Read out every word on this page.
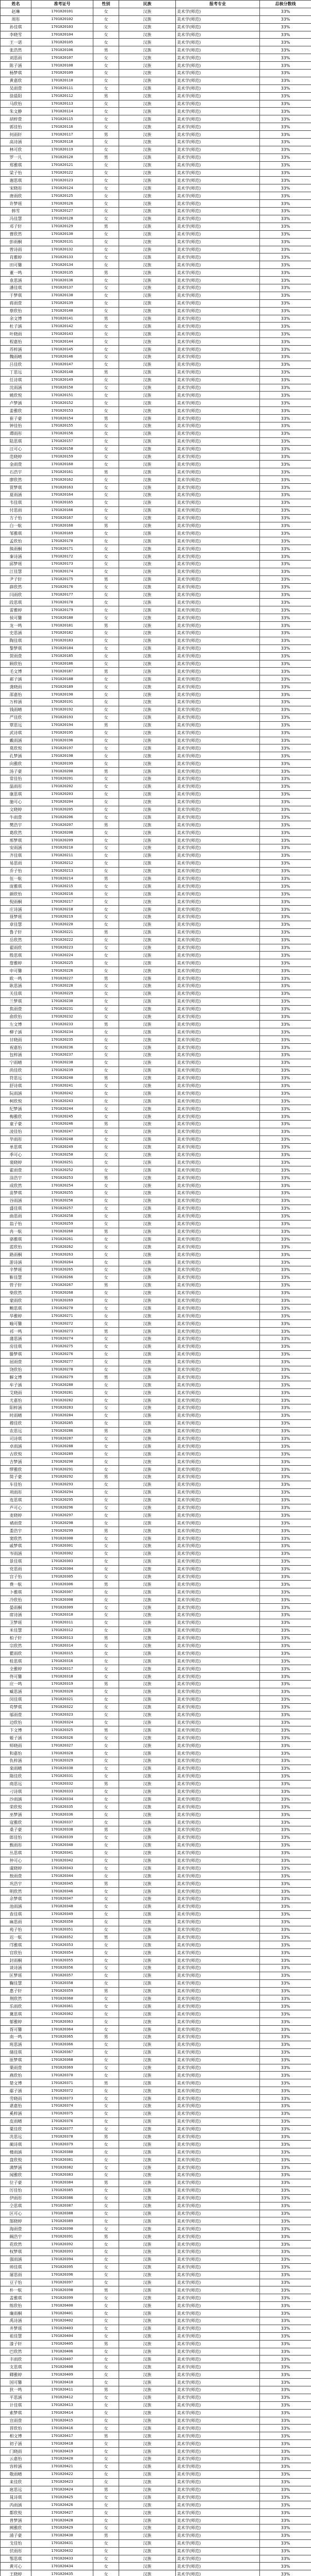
姓名	准考证号	性别	民族	报考专业	总核分数线
赵琳	1701020101	女	汉族	美术学(师范)	33%
周彤	1701020102	女	汉族	美术学(师范)	33%
孙佳琪	1701020103	女	汉族	美术学(师范)	33%
李晓雪	1701020104	女	汉族	美术学(师范)	33%
王一诺	1701020105	女	汉族	美术学(师范)	33%
张浩然	1701020106	男	汉族	美术学(师范)	33%
刘思雨	1701020107	女	汉族	美术学(师范)	33%
陈子涵	1701020108	女	汉族	美术学(师范)	33%
杨梦琪	1701020109	女	汉族	美术学(师范)	33%
黄嘉欣	1701020110	女	汉族	美术学(师范)	33%
吴雨萱	1701020111	女	汉族	美术学(师范)	33%
徐晨阳	1701020112	男	汉族	美术学(师范)	33%
马欣怡	1701020113	女	汉族	美术学(师范)	33%
朱文静	1701020114	女	汉族	美术学(师范)	33%
胡梓萱	1701020115	女	汉族	美术学(师范)	33%
郭佳怡	1701020116	女	汉族	美术学(师范)	33%
何雨轩	1701020117	男	汉族	美术学(师范)	33%
高诗涵	1701020118	女	汉族	美术学(师范)	33%
林可欣	1701020119	女	汉族	美术学(师范)	33%
罗一凡	1701020120	男	汉族	美术学(师范)	33%
郑雅琪	1701020121	女	汉族	美术学(师范)	33%
梁子怡	1701020122	女	汉族	美术学(师范)	33%
谢思琪	1701020123	女	汉族	美术学(师范)	33%
宋晓彤	1701020124	女	汉族	美术学(师范)	33%
唐雨欣	1701020125	女	汉族	美术学(师范)	33%
许梦瑶	1701020126	女	汉族	美术学(师范)	33%
韩雪	1701020127	女	汉族	美术学(师范)	33%
冯佳慧	1701020128	女	汉族	美术学(师范)	33%
邓子轩	1701020129	男	汉族	美术学(师范)	33%
曹欣然	1701020130	女	汉族	美术学(师范)	33%
彭雨桐	1701020131	女	汉族	美术学(师范)	33%
曾诗雨	1701020132	女	汉族	美术学(师范)	33%
肖雅婷	1701020133	女	汉族	美术学(师范)	33%
田可馨	1701020134	女	汉族	美术学(师范)	33%
董一鸣	1701020135	男	汉族	美术学(师范)	33%
袁思涵	1701020136	女	汉族	美术学(师范)	33%
潘佳琪	1701020137	女	汉族	美术学(师范)	33%
于梦琪	1701020138	女	汉族	美术学(师范)	33%
蒋雨萱	1701020139	女	汉族	美术学(师范)	33%
蔡欣怡	1701020140	女	汉族	美术学(师范)	33%
余文博	1701020141	男	汉族	美术学(师范)	33%
杜子涵	1701020142	女	汉族	美术学(师范)	33%
叶晓雨	1701020143	女	汉族	美术学(师范)	33%
程嘉怡	1701020144	女	汉族	美术学(师范)	33%
苏梓涵	1701020145	女	汉族	美术学(师范)	33%
魏雨晴	1701020146	女	汉族	美术学(师范)	33%
吕佳欣	1701020147	女	汉族	美术学(师范)	33%
丁思远	1701020148	男	汉族	美术学(师范)	33%
任诗琪	1701020149	女	汉族	美术学(师范)	33%
沈雨涵	1701020150	女	汉族	美术学(师范)	33%
姚欣悦	1701020151	女	汉族	美术学(师范)	33%
卢梦涵	1701020152	女	汉族	美术学(师范)	33%
姜雅欣	1701020153	女	汉族	美术学(师范)	33%
崔子豪	1701020154	男	汉族	美术学(师范)	33%
钟佳怡	1701020155	女	汉族	美术学(师范)	33%
谭雨彤	1701020156	女	汉族	美术学(师范)	33%
陆思琪	1701020157	女	汉族	美术学(师范)	33%
汪可心	1701020158	女	汉族	美术学(师范)	33%
范晓婷	1701020159	女	汉族	美术学(师范)	33%
金雨萱	1701020160	女	汉族	美术学(师范)	33%
石浩宇	1701020161	男	汉族	美术学(师范)	33%
廖欣然	1701020162	女	汉族	美术学(师范)	33%
贾梦琪	1701020163	女	汉族	美术学(师范)	33%
夏雨涵	1701020164	女	汉族	美术学(师范)	33%
韦佳琪	1701020165	女	汉族	美术学(师范)	33%
付思雨	1701020166	女	汉族	美术学(师范)	33%
方子怡	1701020167	女	汉族	美术学(师范)	33%
白一航	1701020168	男	汉族	美术学(师范)	33%
邹雅琪	1701020169	女	汉族	美术学(师范)	33%
孟欣怡	1701020170	女	汉族	美术学(师范)	33%
熊雨桐	1701020171	女	汉族	美术学(师范)	33%
秦诗涵	1701020172	女	汉族	美术学(师范)	33%
邱梦瑶	1701020173	女	汉族	美术学(师范)	33%
江佳慧	1701020174	女	汉族	美术学(师范)	33%
尹子轩	1701020175	男	汉族	美术学(师范)	33%
薛欣然	1701020176	女	汉族	美术学(师范)	33%
闫雨欣	1701020177	女	汉族	美术学(师范)	33%
段思琪	1701020178	女	汉族	美术学(师范)	33%
雷雅婷	1701020179	女	汉族	美术学(师范)	33%
侯可馨	1701020180	女	汉族	美术学(师范)	33%
龙一鸣	1701020181	男	汉族	美术学(师范)	33%
史思涵	1701020182	女	汉族	美术学(师范)	33%
陶佳琪	1701020183	女	汉族	美术学(师范)	33%
黎梦琪	1701020184	女	汉族	美术学(师范)	33%
贺雨萱	1701020185	女	汉族	美术学(师范)	33%
顾欣怡	1701020186	女	汉族	美术学(师范)	33%
毛文博	1701020187	男	汉族	美术学(师范)	33%
郝子涵	1701020188	女	汉族	美术学(师范)	33%
龚晓雨	1701020189	女	汉族	美术学(师范)	33%
邵嘉怡	1701020190	女	汉族	美术学(师范)	33%
万梓涵	1701020191	女	汉族	美术学(师范)	33%
钱雨晴	1701020192	女	汉族	美术学(师范)	33%
严佳欣	1701020193	女	汉族	美术学(师范)	33%
覃思远	1701020194	男	汉族	美术学(师范)	33%
武诗琪	1701020195	女	汉族	美术学(师范)	33%
戴雨涵	1701020196	女	汉族	美术学(师范)	33%
莫欣悦	1701020197	女	汉族	美术学(师范)	33%
孔梦涵	1701020198	女	汉族	美术学(师范)	33%
向雅欣	1701020199	女	汉族	美术学(师范)	33%
汤子豪	1701020200	男	汉族	美术学(师范)	33%
常佳怡	1701020201	女	汉族	美术学(师范)	33%
温雨彤	1701020202	女	汉族	美术学(师范)	33%
康思琪	1701020203	女	汉族	美术学(师范)	33%
施可心	1701020204	女	汉族	美术学(师范)	33%
文晓婷	1701020205	女	汉族	美术学(师范)	33%
牛雨萱	1701020206	女	汉族	美术学(师范)	33%
樊浩宇	1701020207	男	汉族	美术学(师范)	33%
葛欣然	1701020208	女	汉族	美术学(师范)	33%
邢梦琪	1701020209	女	汉族	美术学(师范)	33%
安雨涵	1701020210	女	汉族	美术学(师范)	33%
齐佳琪	1701020211	女	汉族	美术学(师范)	33%
易思雨	1701020212	女	汉族	美术学(师范)	33%
乔子怡	1701020213	女	汉族	美术学(师范)	33%
伍一航	1701020214	男	汉族	美术学(师范)	33%
庞雅琪	1701020215	女	汉族	美术学(师范)	33%
颜欣怡	1701020216	女	汉族	美术学(师范)	33%
倪雨桐	1701020217	女	汉族	美术学(师范)	33%
庄诗涵	1701020218	女	汉族	美术学(师范)	33%
聂梦瑶	1701020219	女	汉族	美术学(师范)	33%
章佳慧	1701020220	女	汉族	美术学(师范)	33%
鲁子轩	1701020221	男	汉族	美术学(师范)	33%
岳欣然	1701020222	女	汉族	美术学(师范)	33%
翟雨欣	1701020223	女	汉族	美术学(师范)	33%
殷思琪	1701020224	女	汉族	美术学(师范)	33%
詹雅婷	1701020225	女	汉族	美术学(师范)	33%
申可馨	1701020226	女	汉族	美术学(师范)	33%
欧一鸣	1701020227	男	汉族	美术学(师范)	33%
耿思涵	1701020228	女	汉族	美术学(师范)	33%
关佳琪	1701020229	女	汉族	美术学(师范)	33%
兰梦琪	1701020230	女	汉族	美术学(师范)	33%
焦雨萱	1701020231	女	汉族	美术学(师范)	33%
俞欣怡	1701020232	女	汉族	美术学(师范)	33%
左文博	1701020233	男	汉族	美术学(师范)	33%
柳子涵	1701020234	女	汉族	美术学(师范)	33%
甘晓雨	1701020235	女	汉族	美术学(师范)	33%
祝嘉怡	1701020236	女	汉族	美术学(师范)	33%
包梓涵	1701020237	女	汉族	美术学(师范)	33%
宁雨晴	1701020238	女	汉族	美术学(师范)	33%
尚佳欣	1701020239	女	汉族	美术学(师范)	33%
符思远	1701020240	男	汉族	美术学(师范)	33%
舒诗琪	1701020241	女	汉族	美术学(师范)	33%
阮雨涵	1701020242	女	汉族	美术学(师范)	33%
柯欣悦	1701020243	女	汉族	美术学(师范)	33%
纪梦涵	1701020244	女	汉族	美术学(师范)	33%
梅雅欣	1701020245	女	汉族	美术学(师范)	33%
童子豪	1701020246	男	汉族	美术学(师范)	33%
凌佳怡	1701020247	女	汉族	美术学(师范)	33%
毕雨彤	1701020248	女	汉族	美术学(师范)	33%
单思琪	1701020249	女	汉族	美术学(师范)	33%
季可心	1701020250	女	汉族	美术学(师范)	33%
裴晓婷	1701020251	女	汉族	美术学(师范)	33%
霍雨萱	1701020252	女	汉族	美术学(师范)	33%
涂浩宇	1701020253	男	汉族	美术学(师范)	33%
成欣然	1701020254	女	汉族	美术学(师范)	33%
苗梦琪	1701020255	女	汉族	美术学(师范)	33%
谷雨涵	1701020256	女	汉族	美术学(师范)	33%
盛佳琪	1701020257	女	汉族	美术学(师范)	33%
曲思雨	1701020258	女	汉族	美术学(师范)	33%
翁子怡	1701020259	女	汉族	美术学(师范)	33%
冉一航	1701020260	男	汉族	美术学(师范)	33%
骆雅琪	1701020261	女	汉族	美术学(师范)	33%
蓝欣怡	1701020262	女	汉族	美术学(师范)	33%
路雨桐	1701020263	女	汉族	美术学(师范)	33%
游诗涵	1701020264	女	汉族	美术学(师范)	33%
辛梦瑶	1701020265	女	汉族	美术学(师范)	33%
靳佳慧	1701020266	女	汉族	美术学(师范)	33%
管子轩	1701020267	男	汉族	美术学(师范)	33%
柴欣然	1701020268	女	汉族	美术学(师范)	33%
蒙雨欣	1701020269	女	汉族	美术学(师范)	33%
鲍思琪	1701020270	女	汉族	美术学(师范)	33%
华雅婷	1701020271	女	汉族	美术学(师范)	33%
喻可馨	1701020272	女	汉族	美术学(师范)	33%
祁一鸣	1701020273	男	汉族	美术学(师范)	33%
蒲思涵	1701020274	女	汉族	美术学(师范)	33%
房佳琪	1701020275	女	汉族	美术学(师范)	33%
滕梦琪	1701020276	女	汉族	美术学(师范)	33%
屈雨萱	1701020277	女	汉族	美术学(师范)	33%
饶欣怡	1701020278	女	汉族	美术学(师范)	33%
解文博	1701020279	男	汉族	美术学(师范)	33%
牟子涵	1701020280	女	汉族	美术学(师范)	33%
艾晓雨	1701020281	女	汉族	美术学(师范)	33%
尤嘉怡	1701020282	女	汉族	美术学(师范)	33%
阳梓涵	1701020283	女	汉族	美术学(师范)	33%
时雨晴	1701020284	女	汉族	美术学(师范)	33%
穆佳欣	1701020285	女	汉族	美术学(师范)	33%
农思远	1701020286	男	汉族	美术学(师范)	33%
司诗琪	1701020287	女	汉族	美术学(师范)	33%
卓雨涵	1701020288	女	汉族	美术学(师范)	33%
古欣悦	1701020289	女	汉族	美术学(师范)	33%
吉梦涵	1701020290	女	汉族	美术学(师范)	33%
缪雅欣	1701020291	女	汉族	美术学(师范)	33%
简子豪	1701020292	男	汉族	美术学(师范)	33%
车佳怡	1701020293	女	汉族	美术学(师范)	33%
项雨彤	1701020294	女	汉族	美术学(师范)	33%
连思琪	1701020295	女	汉族	美术学(师范)	33%
芦可心	1701020296	女	汉族	美术学(师范)	33%
麦晓婷	1701020297	女	汉族	美术学(师范)	33%
褚雨萱	1701020298	女	汉族	美术学(师范)	33%
娄浩宇	1701020299	男	汉族	美术学(师范)	33%
窦欣然	1701020300	女	汉族	美术学(师范)	33%
戚梦琪	1701020301	女	汉族	美术学(师范)	33%
岑雨涵	1701020302	女	汉族	美术学(师范)	33%
景佳琪	1701020303	女	汉族	美术学(师范)	33%
党思雨	1701020304	女	汉族	美术学(师范)	33%
宫子怡	1701020305	女	汉族	美术学(师范)	33%
费一航	1701020306	男	汉族	美术学(师范)	33%
卜雅琪	1701020307	女	汉族	美术学(师范)	33%
冷欣怡	1701020308	女	汉族	美术学(师范)	33%
晏雨桐	1701020309	女	汉族	美术学(师范)	33%
席诗涵	1701020310	女	汉族	美术学(师范)	33%
卫梦瑶	1701020311	女	汉族	美术学(师范)	33%
米佳慧	1701020312	女	汉族	美术学(师范)	33%
柏子轩	1701020313	男	汉族	美术学(师范)	33%
宗欣然	1701020314	女	汉族	美术学(师范)	33%
瞿雨欣	1701020315	女	汉族	美术学(师范)	33%
桂思琪	1701020316	女	汉族	美术学(师范)	33%
全雅婷	1701020317	女	汉族	美术学(师范)	33%
佟可馨	1701020318	女	汉族	美术学(师范)	33%
应一鸣	1701020319	男	汉族	美术学(师范)	33%
臧思涵	1701020320	女	汉族	美术学(师范)	33%
闵佳琪	1701020321	女	汉族	美术学(师范)	33%
苟梦琪	1701020322	女	汉族	美术学(师范)	33%
邬雨萱	1701020323	女	汉族	美术学(师范)	33%
边欣怡	1701020324	女	汉族	美术学(师范)	33%
卞文博	1701020325	男	汉族	美术学(师范)	33%
姬子涵	1701020326	女	汉族	美术学(师范)	33%
师晓雨	1701020327	女	汉族	美术学(师范)	33%
和嘉怡	1701020328	女	汉族	美术学(师范)	33%
仇梓涵	1701020329	女	汉族	美术学(师范)	33%
栾雨晴	1701020330	女	汉族	美术学(师范)	33%
隋佳欣	1701020331	女	汉族	美术学(师范)	33%
商思远	1701020332	男	汉族	美术学(师范)	33%
刁诗琪	1701020333	女	汉族	美术学(师范)	33%
沙雨涵	1701020334	女	汉族	美术学(师范)	33%
荣欣悦	1701020335	女	汉族	美术学(师范)	33%
巫梦涵	1701020336	女	汉族	美术学(师范)	33%
寇雅欣	1701020337	女	汉族	美术学(师范)	33%
桑子豪	1701020338	男	汉族	美术学(师范)	33%
郎佳怡	1701020339	女	汉族	美术学(师范)	33%
甄雨彤	1701020340	女	汉族	美术学(师范)	33%
丛思琪	1701020341	女	汉族	美术学(师范)	33%
仲可心	1701020342	女	汉族	美术学(师范)	33%
虞晓婷	1701020343	女	汉族	美术学(师范)	33%
敖雨萱	1701020344	女	汉族	美术学(师范)	33%
巩浩宇	1701020345	男	汉族	美术学(师范)	33%
明欣然	1701020346	女	汉族	美术学(师范)	33%
佘梦琪	1701020347	女	汉族	美术学(师范)	33%
池雨涵	1701020348	女	汉族	美术学(师范)	33%
查佳琪	1701020349	女	汉族	美术学(师范)	33%
麻思雨	1701020350	女	汉族	美术学(师范)	33%
苑子怡	1701020351	女	汉族	美术学(师范)	33%
迟一航	1701020352	男	汉族	美术学(师范)	33%
邝雅琪	1701020353	女	汉族	美术学(师范)	33%
官欣怡	1701020354	女	汉族	美术学(师范)	33%
封雨桐	1701020355	女	汉族	美术学(师范)	33%
谈诗涵	1701020356	女	汉族	美术学(师范)	33%
匡梦瑶	1701020357	女	汉族	美术学(师范)	33%
鞠佳慧	1701020358	女	汉族	美术学(师范)	33%
惠子轩	1701020359	男	汉族	美术学(师范)	33%
荆欣然	1701020360	女	汉族	美术学(师范)	33%
乐雨欣	1701020361	女	汉族	美术学(师范)	33%
冀思琪	1701020362	女	汉族	美术学(师范)	33%
郁雅婷	1701020363	女	汉族	美术学(师范)	33%
胥可馨	1701020364	女	汉族	美术学(师范)	33%
南一鸣	1701020365	男	汉族	美术学(师范)	33%
班思涵	1701020366	女	汉族	美术学(师范)	33%
储佳琪	1701020367	女	汉族	美术学(师范)	33%
原梦琪	1701020368	女	汉族	美术学(师范)	33%
栗雨萱	1701020369	女	汉族	美术学(师范)	33%
燕欣怡	1701020370	女	汉族	美术学(师范)	33%
楚文博	1701020371	男	汉族	美术学(师范)	33%
鄢子涵	1701020372	女	汉族	美术学(师范)	33%
劳晓雨	1701020373	女	汉族	美术学(师范)	33%
谌嘉怡	1701020374	女	汉族	美术学(师范)	33%
奚梓涵	1701020375	女	汉族	美术学(师范)	33%
皮雨晴	1701020376	女	汉族	美术学(师范)	33%
粟佳欣	1701020377	女	汉族	美术学(师范)	33%
冼思远	1701020378	男	汉族	美术学(师范)	33%
蔺诗琪	1701020379	女	汉族	美术学(师范)	33%
楼雨涵	1701020380	女	汉族	美术学(师范)	33%
盘欣悦	1701020381	女	汉族	美术学(师范)	33%
满梦涵	1701020382	女	汉族	美术学(师范)	33%
闻雅欣	1701020383	女	汉族	美术学(师范)	33%
位子豪	1701020384	男	汉族	美术学(师范)	33%
厉佳怡	1701020385	女	汉族	美术学(师范)	33%
伊雨彤	1701020386	女	汉族	美术学(师范)	33%
仝思琪	1701020387	女	汉族	美术学(师范)	33%
区可心	1701020388	女	汉族	美术学(师范)	33%
郜晓婷	1701020389	女	汉族	美术学(师范)	33%
海雨萱	1701020390	女	汉族	美术学(师范)	33%
阚浩宇	1701020391	男	汉族	美术学(师范)	33%
花欣然	1701020392	女	汉族	美术学(师范)	33%
权梦琪	1701020393	女	汉族	美术学(师范)	33%
强雨涵	1701020394	女	汉族	美术学(师范)	33%
帅佳琪	1701020395	女	汉族	美术学(师范)	33%
屠思雨	1701020396	女	汉族	美术学(师范)	33%
豆子怡	1701020397	女	汉族	美术学(师范)	33%
朴一航	1701020398	男	汉族	美术学(师范)	33%
盖雅琪	1701020399	女	汉族	美术学(师范)	33%
练欣怡	1701020400	女	汉族	美术学(师范)	33%
廉雨桐	1701020401	女	汉族	美术学(师范)	33%
禹诗涵	1701020402	女	汉族	美术学(师范)	33%
井梦瑶	1701020403	女	汉族	美术学(师范)	33%
祖佳慧	1701020404	女	汉族	美术学(师范)	33%
漆子轩	1701020405	男	汉族	美术学(师范)	33%
巴欣然	1701020406	女	汉族	美术学(师范)	33%
丰雨欣	1701020407	女	汉族	美术学(师范)	33%
支思琪	1701020408	女	汉族	美术学(师范)	33%
卿雅婷	1701020409	女	汉族	美术学(师范)	33%
国可馨	1701020410	女	汉族	美术学(师范)	33%
狄一鸣	1701020411	男	汉族	美术学(师范)	33%
平思涵	1701020412	女	汉族	美术学(师范)	33%
计佳琪	1701020413	女	汉族	美术学(师范)	33%
索梦琪	1701020414	女	汉族	美术学(师范)	33%
宣雨萱	1701020415	女	汉族	美术学(师范)	33%
晋欣怡	1701020416	女	汉族	美术学(师范)	33%
相文博	1701020417	男	汉族	美术学(师范)	33%
初子涵	1701020418	女	汉族	美术学(师范)	33%
门晓雨	1701020419	女	汉族	美术学(师范)	33%
云嘉怡	1701020420	女	汉族	美术学(师范)	33%
容梓涵	1701020421	女	汉族	美术学(师范)	33%
敬雨晴	1701020422	女	汉族	美术学(师范)	33%
来佳欣	1701020423	女	汉族	美术学(师范)	33%
扈思远	1701020424	男	汉族	美术学(师范)	33%
晁诗琪	1701020425	女	汉族	美术学(师范)	33%
芮雨涵	1701020426	女	汉族	美术学(师范)	33%
都欣悦	1701020427	女	汉族	美术学(师范)	33%
普梦涵	1701020428	女	汉族	美术学(师范)	33%
阙雅欣	1701020429	女	汉族	美术学(师范)	33%
浦子豪	1701020430	男	汉族	美术学(师范)	33%
戈佳怡	1701020431	女	汉族	美术学(师范)	33%
伏雨彤	1701020432	女	汉族	美术学(师范)	33%
鄂思琪	1701020433	女	汉族	美术学(师范)	33%
黄可心	1701020434	女	汉族	美术学(师范)	33%
王晓婷	1701020435	女	汉族	美术学(师范)	33%
